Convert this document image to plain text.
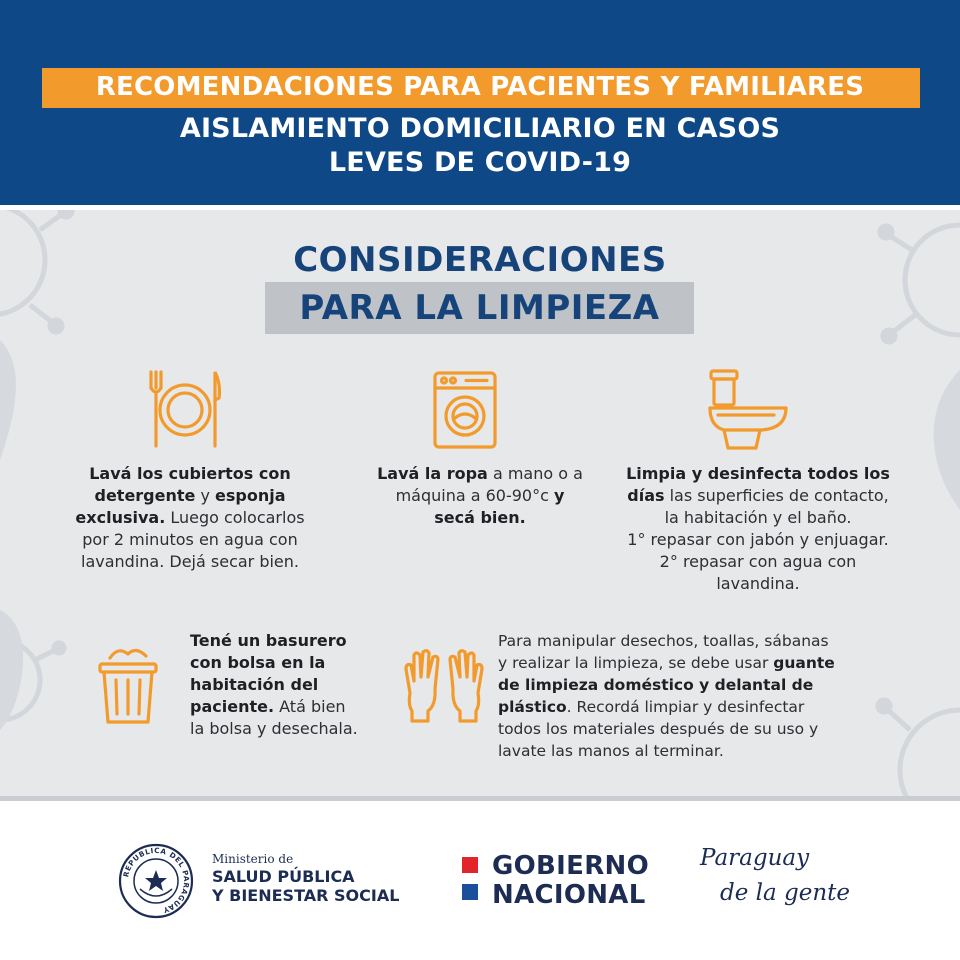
RECOMENDACIONES PARA PACIENTES Y FAMILIARES
AISLAMIENTO DOMICILIARIO EN CASOS
LEVES DE COVID-19
CONSIDERACIONES
PARA LA LIMPIEZA
Lavá los cubiertos con
detergente y esponja
exclusiva. Luego colocarlos
por 2 minutos en agua con
lavandina. Dejá secar bien.
Lavá la ropa a mano o a
máquina a 60-90°c y
secá bien.
Limpia y desinfecta todos los
días las superficies de contacto,
la habitación y el baño.
1° repasar con jabón y enjuagar.
2° repasar con agua con
lavandina.
Tené un basurero
con bolsa en la
habitación del
paciente. Atá bien
la bolsa y desechala.
Para manipular desechos, toallas, sábanas
y realizar la limpieza, se debe usar guante
de limpieza doméstico y delantal de
plástico. Recordá limpiar y desinfectar
todos los materiales después de su uso y
lavate las manos al terminar.
REPUBLICA DEL PARAGUAY
Ministerio de
SALUD PÚBLICA
Y BIENESTAR SOCIAL
GOBIERNO
NACIONAL
Paraguay
de la gente
